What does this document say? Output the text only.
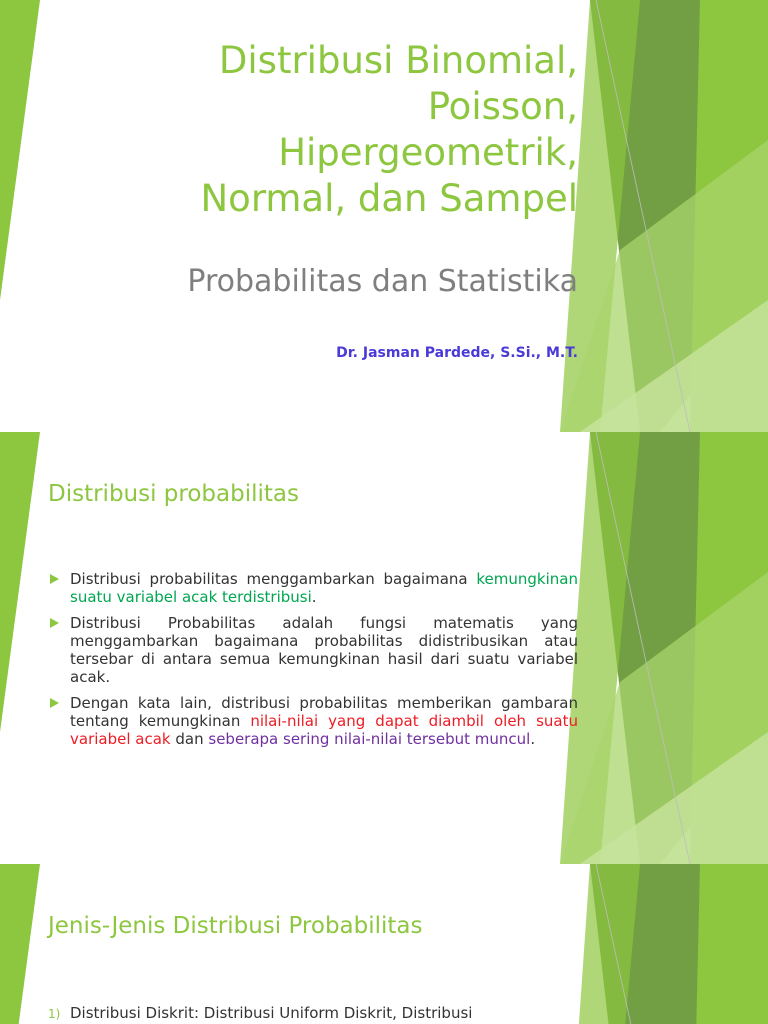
Distribusi Binomial,
Poisson,
Hipergeometrik,
Normal, dan Sampel
Probabilitas dan Statistika
Dr. Jasman Pardede, S.Si., M.T.
Distribusi probabilitas
Distribusi probabilitas menggambarkan bagaimana kemungkinan suatu variabel acak terdistribusi.
Distribusi Probabilitas adalah fungsi matematis yang menggambarkan bagaimana probabilitas didistribusikan atau tersebar di antara semua kemungkinan hasil dari suatu variabel acak.
Dengan kata lain, distribusi probabilitas memberikan gambaran tentang kemungkinan nilai-nilai yang dapat diambil oleh suatu variabel acak dan seberapa sering nilai-nilai tersebut muncul.
Jenis-Jenis Distribusi Probabilitas
1) Distribusi Diskrit: Distribusi Uniform Diskrit, Distribusi
